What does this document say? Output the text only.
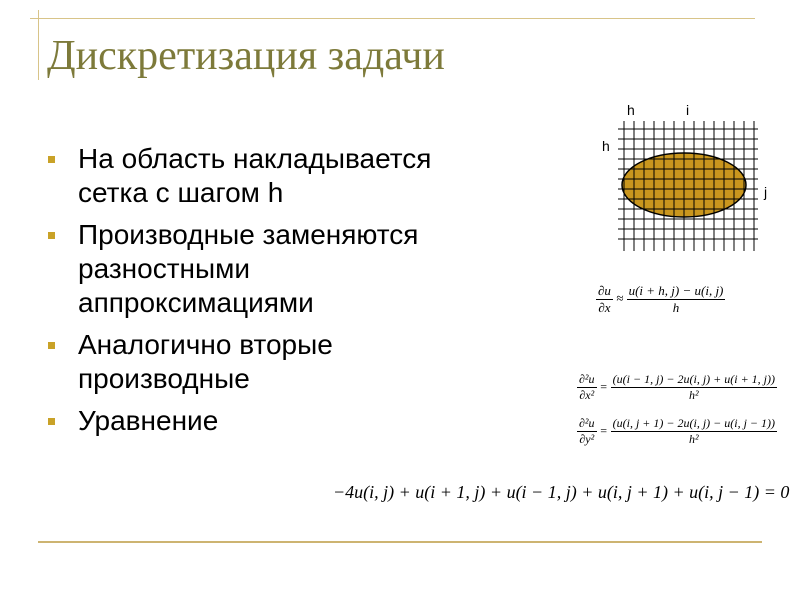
Дискретизация задачи
На область накладывается
сетка с шагом h
Производные заменяются
разностными
аппроксимациями
Аналогично вторые
производные
Уравнение
h	i
h
j
$\frac{\partial u}{\partial x} \approx \frac{u(i + h, j) - u(i, j)}{h}$
$\frac{\text{∂²u}}{\text{∂x²}} = \frac{(u(i - 1, j) - 2u(i, j) + u(i + 1, j))}{\text{h²}}$
$\frac{\text{∂²u}}{\text{∂y²}} = \frac{(u(i, j + 1) - 2u(i, j) - u(i, j - 1))}{\text{h²}}$
−4u(i, j) + u(i + 1, j) + u(i − 1, j) + u(i, j + 1) + u(i, j − 1) = 0
